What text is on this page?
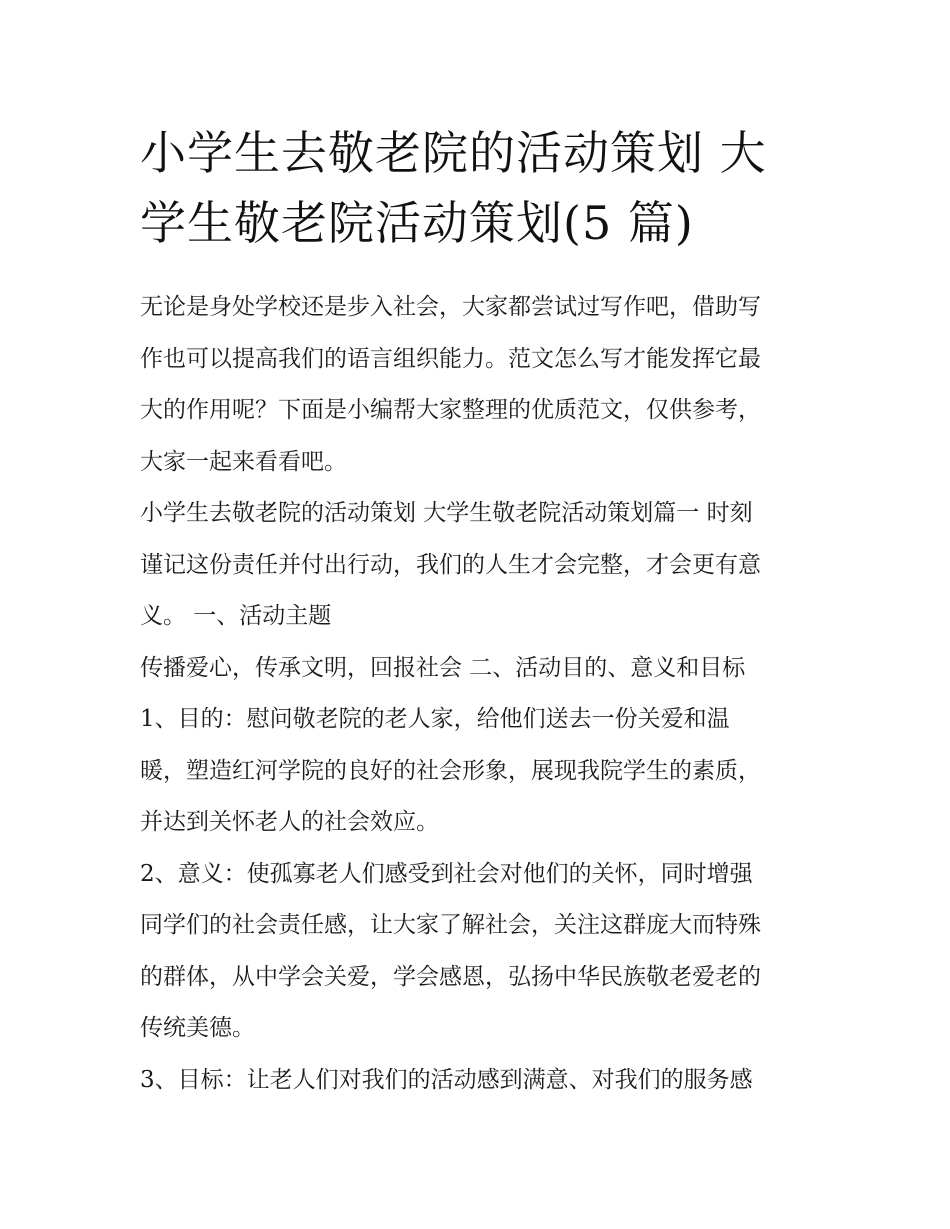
小学生去敬老院的活动策划 大
学生敬老院活动策划(5 篇)

无论是身处学校还是步入社会，大家都尝试过写作吧，借助写
作也可以提高我们的语言组织能力。范文怎么写才能发挥它最
大的作用呢？下面是小编帮大家整理的优质范文，仅供参考，
大家一起来看看吧。

小学生去敬老院的活动策划 大学生敬老院活动策划篇一 时刻
谨记这份责任并付出行动，我们的人生才会完整，才会更有意
义。 一、活动主题

传播爱心，传承文明，回报社会 二、活动目的、意义和目标

1、目的：慰问敬老院的老人家，给他们送去一份关爱和温
暖，塑造红河学院的良好的社会形象，展现我院学生的素质，
并达到关怀老人的社会效应。

2、意义：使孤寡老人们感受到社会对他们的关怀，同时增强
同学们的社会责任感，让大家了解社会，关注这群庞大而特殊
的群体，从中学会关爱，学会感恩，弘扬中华民族敬老爱老的
传统美德。

3、目标：让老人们对我们的活动感到满意、对我们的服务感
